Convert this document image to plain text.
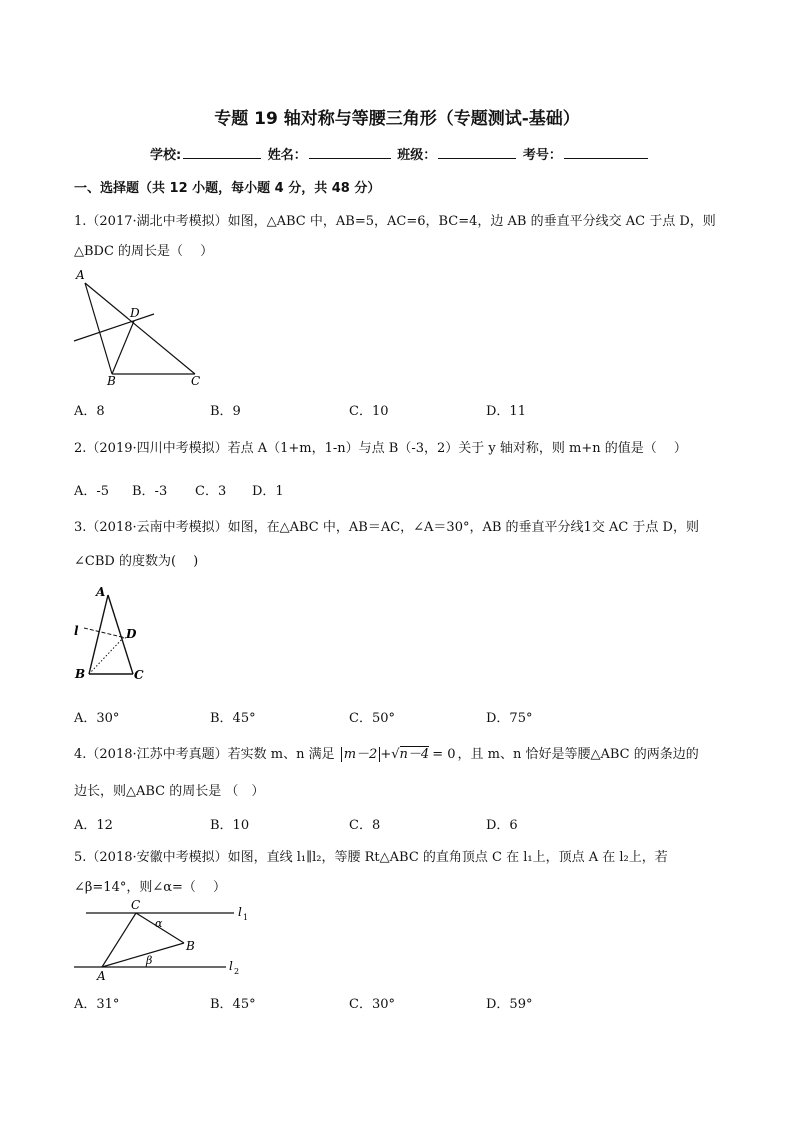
专题 19 轴对称与等腰三角形（专题测试-基础）
学校:	姓名：	班级：	考号：
一、选择题（共 12 小题，每小题 4 分，共 48 分）
1.（2017·湖北中考模拟）如图，△ABC 中，AB=5，AC=6，BC=4，边 AB 的垂直平分线交 AC 于点 D，则
△BDC 的周长是（　 ）
A
D
B	C
A．8	B．9	C．10	D．11
2.（2019·四川中考模拟）若点 A（1+m，1-n）与点 B（-3，2）关于 y 轴对称，则 m+n 的值是（　 ）
A．-5 B．-3 C．3 D．1
3.（2018·云南中考模拟）如图，在△ABC 中，AB＝AC，∠A＝30°，AB 的垂直平分线1交 AC 于点 D，则
∠CBD 的度数为(　 )
A
l	D
B	C
A．30°	B．45°	C．50°	D．75°
4.（2018·江苏中考真题）若实数 m、n 满足 m－2 +√n－4 = 0 ，且 m、n 恰好是等腰△ABC 的两条边的
边长，则△ABC 的周长是 （　）
A．12	B．10	C．8	D．6
5.（2018·安徽中考模拟）如图，直线 l₁∥l₂，等腰 Rt△ABC 的直角顶点 C 在 l₁上，顶点 A 在 l₂上，若
∠β=14°，则∠α=（　 ）
C
α
B
β
A
l 1
l 2
A．31°	B．45°	C．30°	D．59°
